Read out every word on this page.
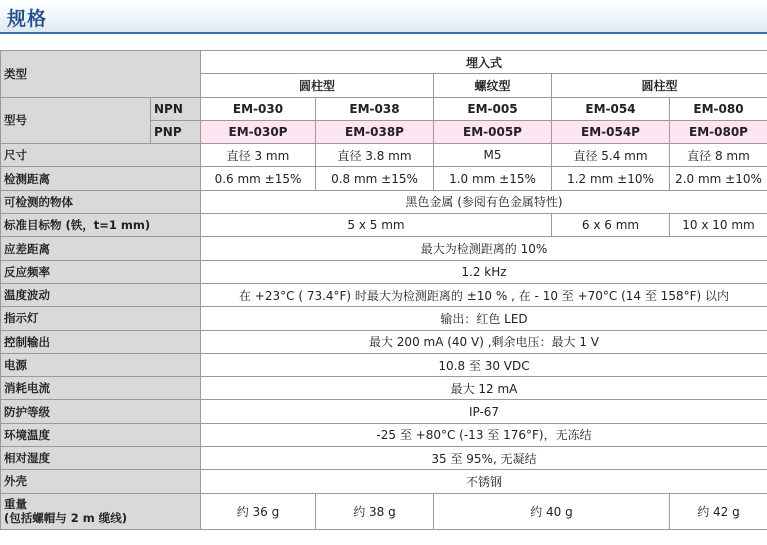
规格
类型		埋入式				
		圆柱型		螺纹型	圆柱型	
型号	NPN	EM-030	EM-038	EM-005	EM-054	EM-080
	PNP	EM-030P	EM-038P	EM-005P	EM-054P	EM-080P
尺寸		直径 3 mm	直径 3.8 mm	M5	直径 5.4 mm	直径 8 mm
检测距离		0.6 mm ±15%	0.8 mm ±15%	1.0 mm ±15%	1.2 mm ±10%	2.0 mm ±10%
可检测的物体		黑色金属 (参阅有色金属特性)				
标准目标物 (铁，t=1 mm)		5 x 5 mm			6 x 6 mm	10 x 10 mm
应差距离		最大为检测距离的 10%				
反应频率		1.2 kHz				
温度波动		在 +23°C ( 73.4°F) 时最大为检测距离的 ±10 % , 在 - 10 至 +70°C (14 至 158°F) 以内				
指示灯		输出：红色 LED				
控制输出		最大 200 mA (40 V) ,剩余电压：最大 1 V				
电源		10.8 至 30 VDC				
消耗电流		最大 12 mA				
防护等级		IP-67				
环境温度		-25 至 +80°C (-13 至 176°F)，无冻结				
相对湿度		35 至 95%, 无凝结				
外壳		不锈钢				

重量
(包括螺帽与 2 m 缆线)		约 36 g	约 38 g	约 40 g		约 42 g
